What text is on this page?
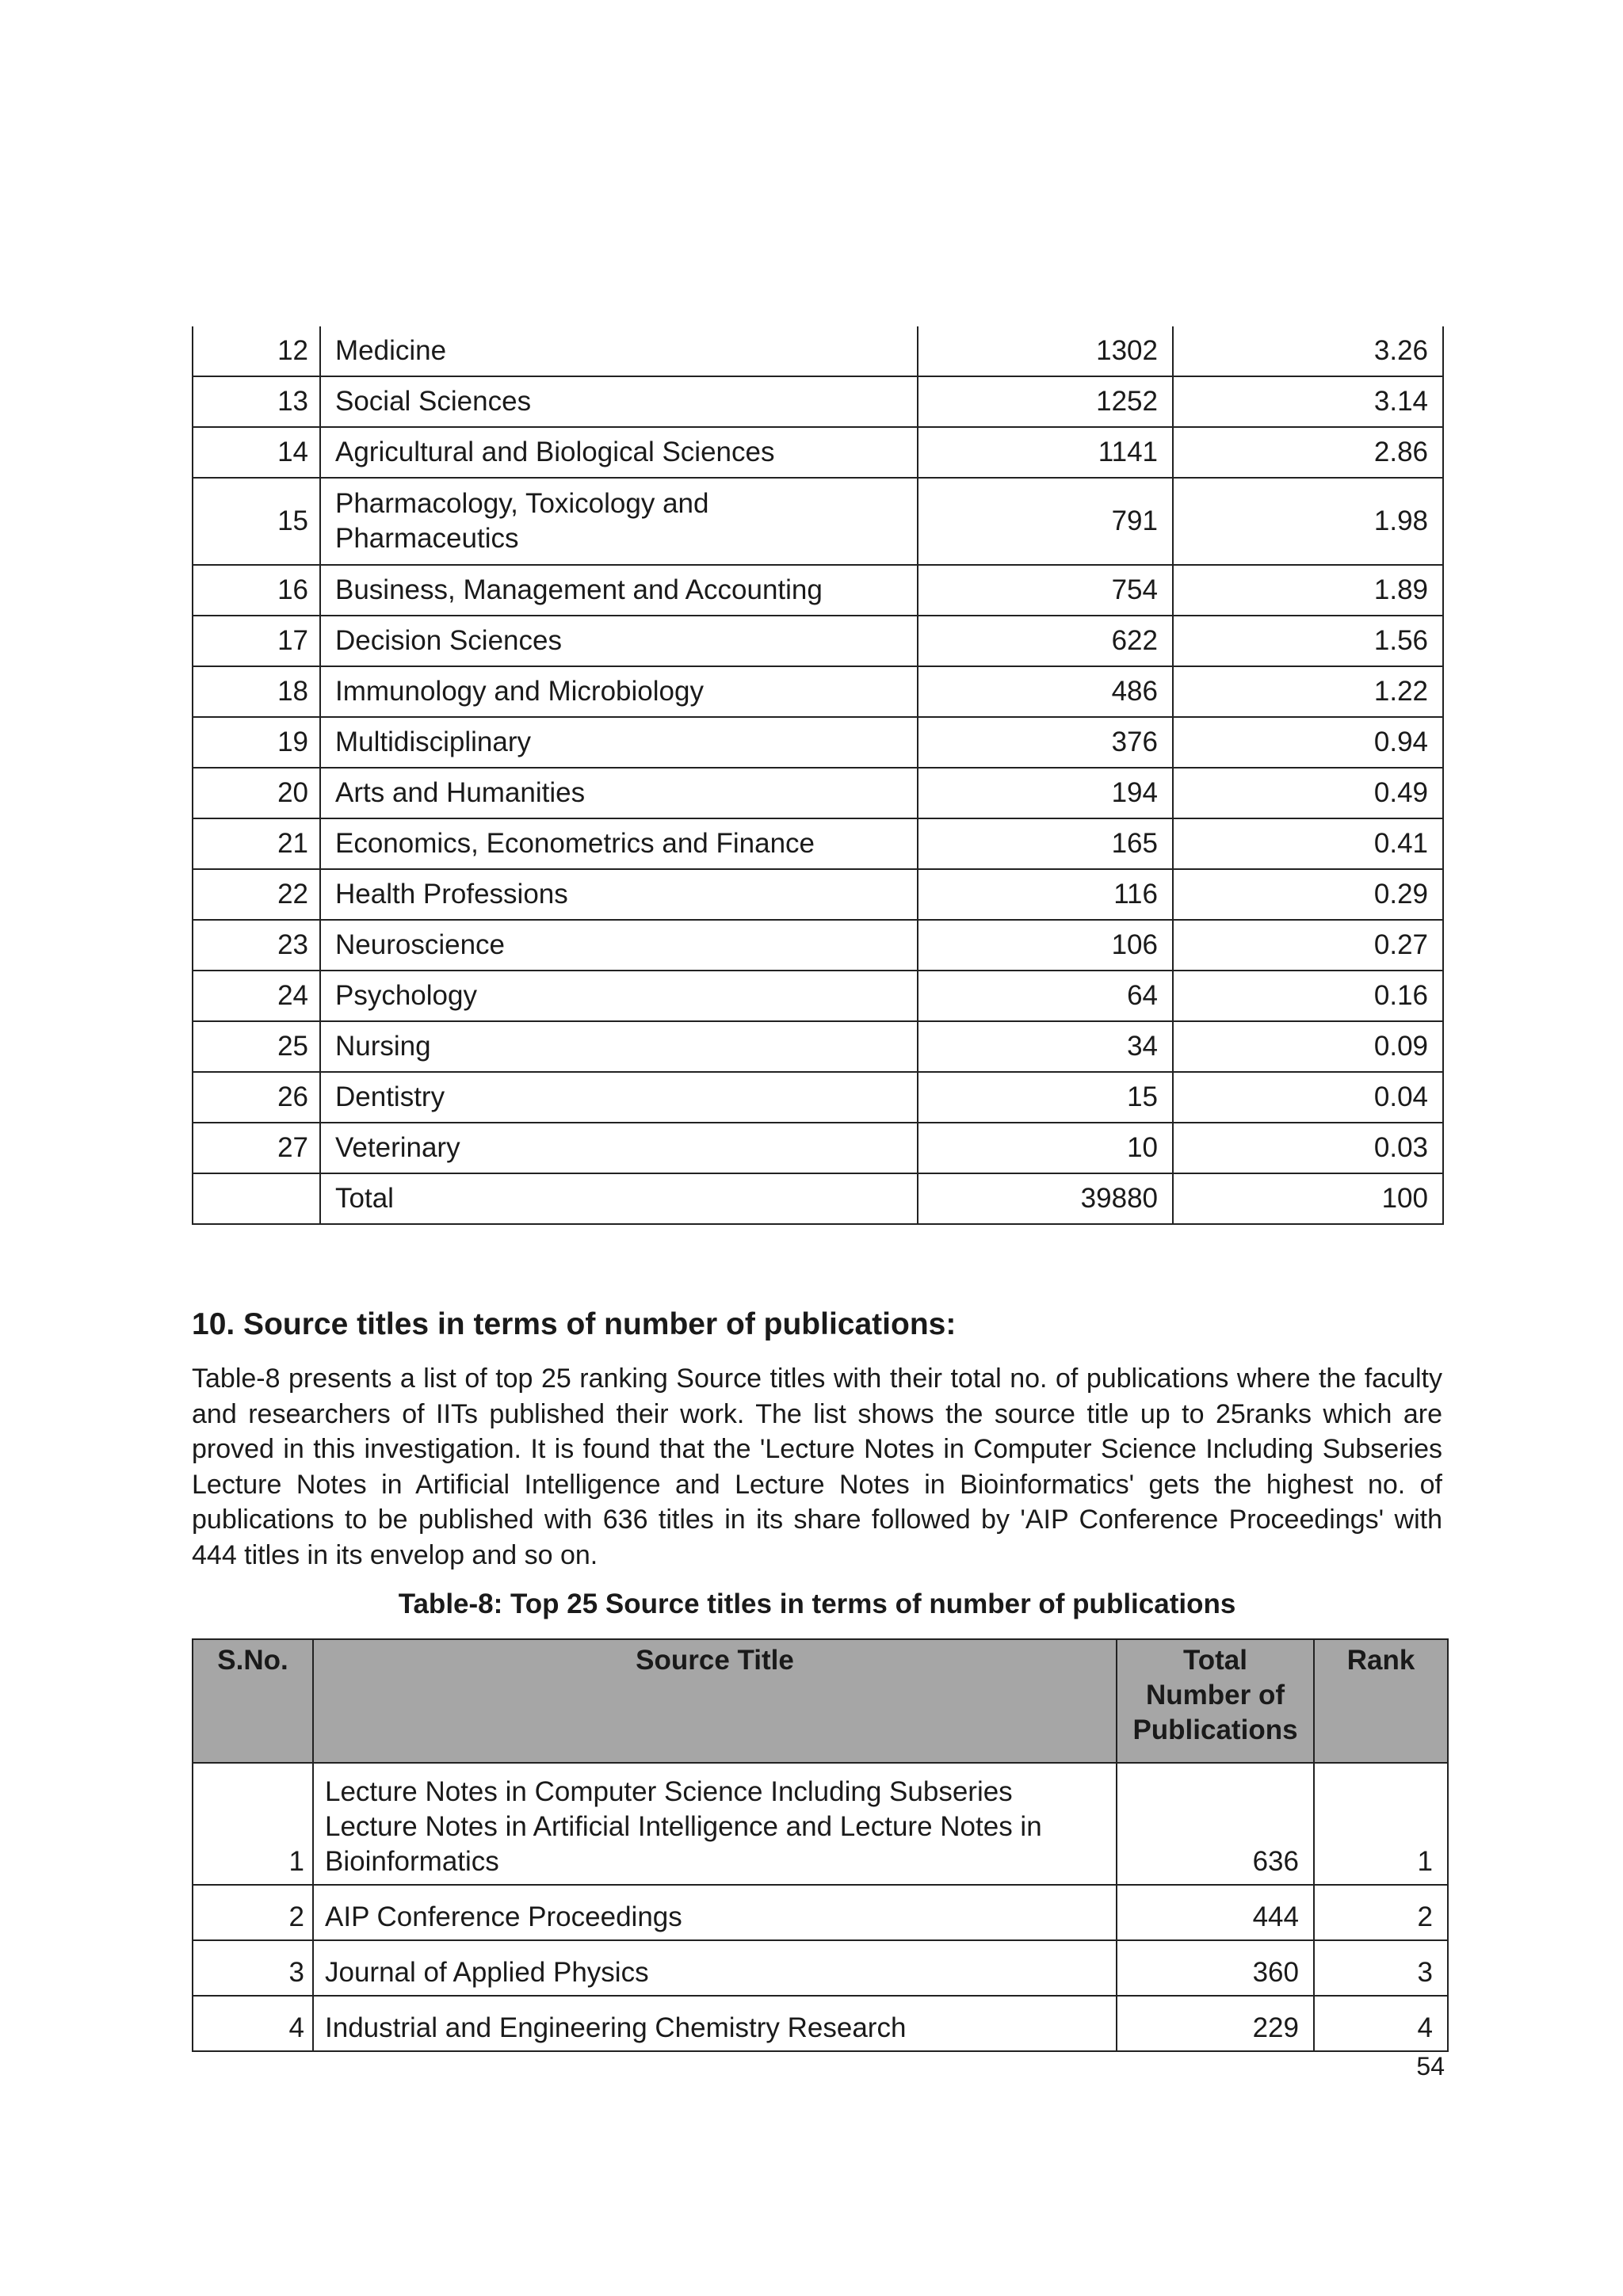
12	Medicine	1302	3.26
13	Social Sciences	1252	3.14
14	Agricultural and Biological Sciences	1141	2.86
15	Pharmacology, Toxicology and
Pharmaceutics	791	1.98
16	Business, Management and Accounting	754	1.89
17	Decision Sciences	622	1.56
18	Immunology and Microbiology	486	1.22
19	Multidisciplinary	376	0.94
20	Arts and Humanities	194	0.49
21	Economics, Econometrics and Finance	165	0.41
22	Health Professions	116	0.29
23	Neuroscience	106	0.27
24	Psychology	64	0.16
25	Nursing	34	0.09
26	Dentistry	15	0.04
27	Veterinary	10	0.03
	Total	39880	100
10. Source titles in terms of number of publications:

Table-8 presents a list of top 25 ranking Source titles with their total no. of publications where the faculty and researchers of IITs published their work. The list shows the source title up to 25ranks which are proved in this investigation. It is found that the 'Lecture Notes in Computer Science Including Subseries Lecture Notes in Artificial Intelligence and Lecture Notes in Bioinformatics' gets the highest no. of publications to be published with 636 titles in its share followed by 'AIP Conference Proceedings' with 444 titles in its envelop and so on.

Table-8: Top 25 Source titles in terms of number of publications

S.No.	Source Title	Total
Number of
Publications	Rank
1	Lecture Notes in Computer Science Including Subseries
Lecture Notes in Artificial Intelligence and Lecture Notes in
Bioinformatics	636	1
2	AIP Conference Proceedings	444	2
3	Journal of Applied Physics	360	3
4	Industrial and Engineering Chemistry Research	229	4
54
